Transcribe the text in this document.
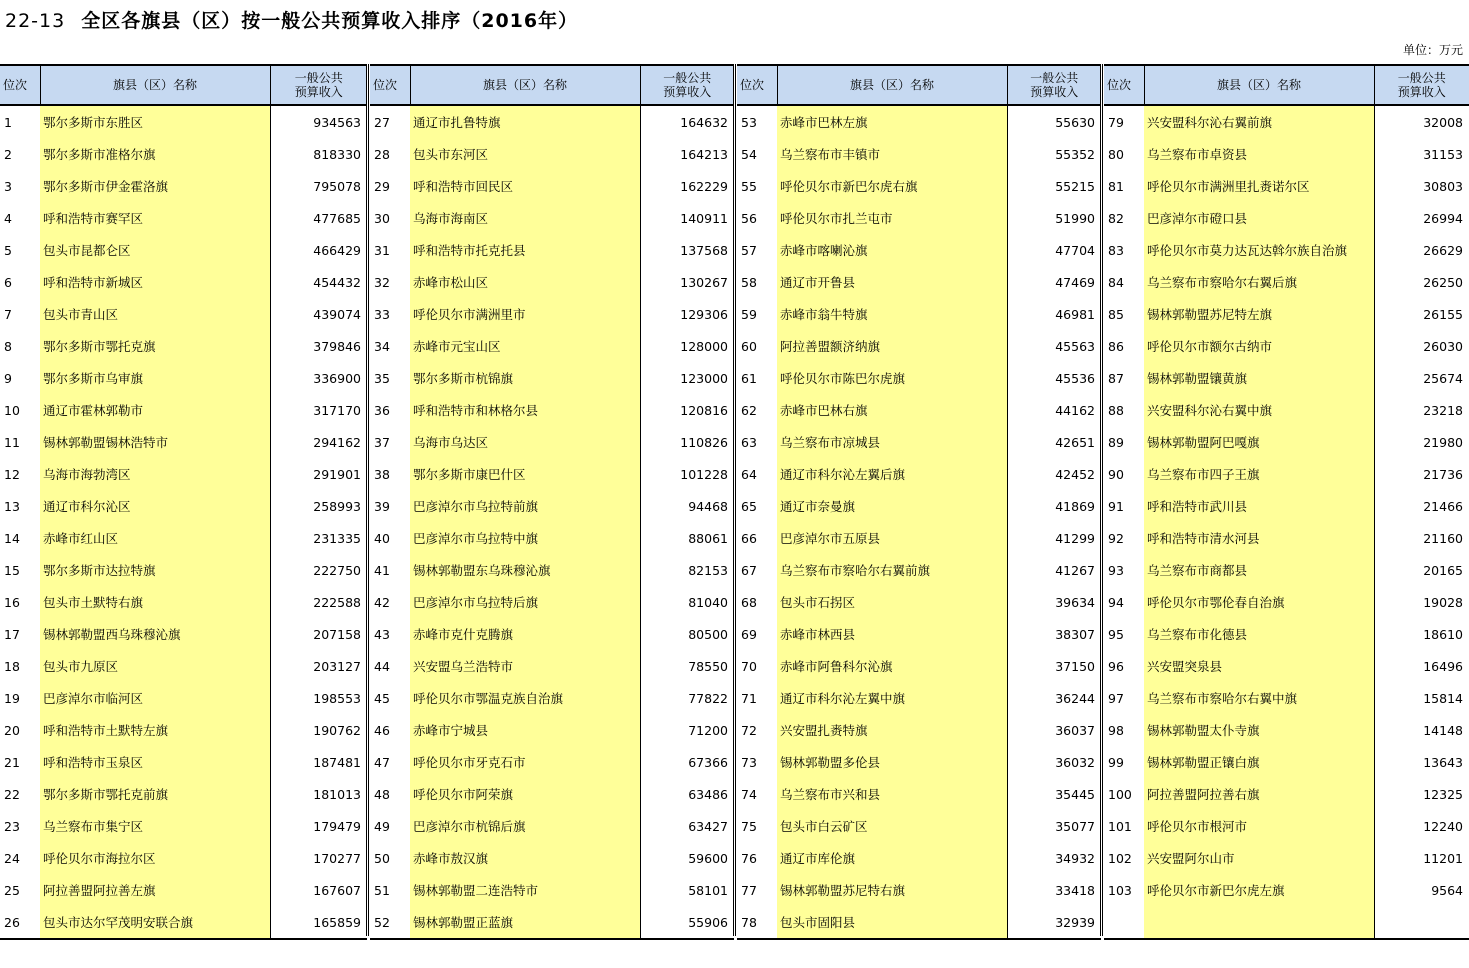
22-13 全区各旗县（区）按一般公共预算收入排序（2016年）
单位：万元
位次	旗县（区）名称	一般公共
预算收入
1	鄂尔多斯市东胜区	934563
2	鄂尔多斯市准格尔旗	818330
3	鄂尔多斯市伊金霍洛旗	795078
4	呼和浩特市赛罕区	477685
5	包头市昆都仑区	466429
6	呼和浩特市新城区	454432
7	包头市青山区	439074
8	鄂尔多斯市鄂托克旗	379846
9	鄂尔多斯市乌审旗	336900
10	通辽市霍林郭勒市	317170
11	锡林郭勒盟锡林浩特市	294162
12	乌海市海勃湾区	291901
13	通辽市科尔沁区	258993
14	赤峰市红山区	231335
15	鄂尔多斯市达拉特旗	222750
16	包头市土默特右旗	222588
17	锡林郭勒盟西乌珠穆沁旗	207158
18	包头市九原区	203127
19	巴彦淖尔市临河区	198553
20	呼和浩特市土默特左旗	190762
21	呼和浩特市玉泉区	187481
22	鄂尔多斯市鄂托克前旗	181013
23	乌兰察布市集宁区	179479
24	呼伦贝尔市海拉尔区	170277
25	阿拉善盟阿拉善左旗	167607
26	包头市达尔罕茂明安联合旗	165859
位次	旗县（区）名称	一般公共
预算收入
27	通辽市扎鲁特旗	164632
28	包头市东河区	164213
29	呼和浩特市回民区	162229
30	乌海市海南区	140911
31	呼和浩特市托克托县	137568
32	赤峰市松山区	130267
33	呼伦贝尔市满洲里市	129306
34	赤峰市元宝山区	128000
35	鄂尔多斯市杭锦旗	123000
36	呼和浩特市和林格尔县	120816
37	乌海市乌达区	110826
38	鄂尔多斯市康巴什区	101228
39	巴彦淖尔市乌拉特前旗	94468
40	巴彦淖尔市乌拉特中旗	88061
41	锡林郭勒盟东乌珠穆沁旗	82153
42	巴彦淖尔市乌拉特后旗	81040
43	赤峰市克什克腾旗	80500
44	兴安盟乌兰浩特市	78550
45	呼伦贝尔市鄂温克族自治旗	77822
46	赤峰市宁城县	71200
47	呼伦贝尔市牙克石市	67366
48	呼伦贝尔市阿荣旗	63486
49	巴彦淖尔市杭锦后旗	63427
50	赤峰市敖汉旗	59600
51	锡林郭勒盟二连浩特市	58101
52	锡林郭勒盟正蓝旗	55906
位次	旗县（区）名称	一般公共
预算收入
53	赤峰市巴林左旗	55630
54	乌兰察布市丰镇市	55352
55	呼伦贝尔市新巴尔虎右旗	55215
56	呼伦贝尔市扎兰屯市	51990
57	赤峰市喀喇沁旗	47704
58	通辽市开鲁县	47469
59	赤峰市翁牛特旗	46981
60	阿拉善盟额济纳旗	45563
61	呼伦贝尔市陈巴尔虎旗	45536
62	赤峰市巴林右旗	44162
63	乌兰察布市凉城县	42651
64	通辽市科尔沁左翼后旗	42452
65	通辽市奈曼旗	41869
66	巴彦淖尔市五原县	41299
67	乌兰察布市察哈尔右翼前旗	41267
68	包头市石拐区	39634
69	赤峰市林西县	38307
70	赤峰市阿鲁科尔沁旗	37150
71	通辽市科尔沁左翼中旗	36244
72	兴安盟扎赉特旗	36037
73	锡林郭勒盟多伦县	36032
74	乌兰察布市兴和县	35445
75	包头市白云矿区	35077
76	通辽市库伦旗	34932
77	锡林郭勒盟苏尼特右旗	33418
78	包头市固阳县	32939
位次	旗县（区）名称	一般公共
预算收入
79	兴安盟科尔沁右翼前旗	32008
80	乌兰察布市卓资县	31153
81	呼伦贝尔市满洲里扎赉诺尔区	30803
82	巴彦淖尔市磴口县	26994
83	呼伦贝尔市莫力达瓦达斡尔族自治旗	26629
84	乌兰察布市察哈尔右翼后旗	26250
85	锡林郭勒盟苏尼特左旗	26155
86	呼伦贝尔市额尔古纳市	26030
87	锡林郭勒盟镶黄旗	25674
88	兴安盟科尔沁右翼中旗	23218
89	锡林郭勒盟阿巴嘎旗	21980
90	乌兰察布市四子王旗	21736
91	呼和浩特市武川县	21466
92	呼和浩特市清水河县	21160
93	乌兰察布市商都县	20165
94	呼伦贝尔市鄂伦春自治旗	19028
95	乌兰察布市化德县	18610
96	兴安盟突泉县	16496
97	乌兰察布市察哈尔右翼中旗	15814
98	锡林郭勒盟太仆寺旗	14148
99	锡林郭勒盟正镶白旗	13643
100	阿拉善盟阿拉善右旗	12325
101	呼伦贝尔市根河市	12240
102	兴安盟阿尔山市	11201
103	呼伦贝尔市新巴尔虎左旗	9564
